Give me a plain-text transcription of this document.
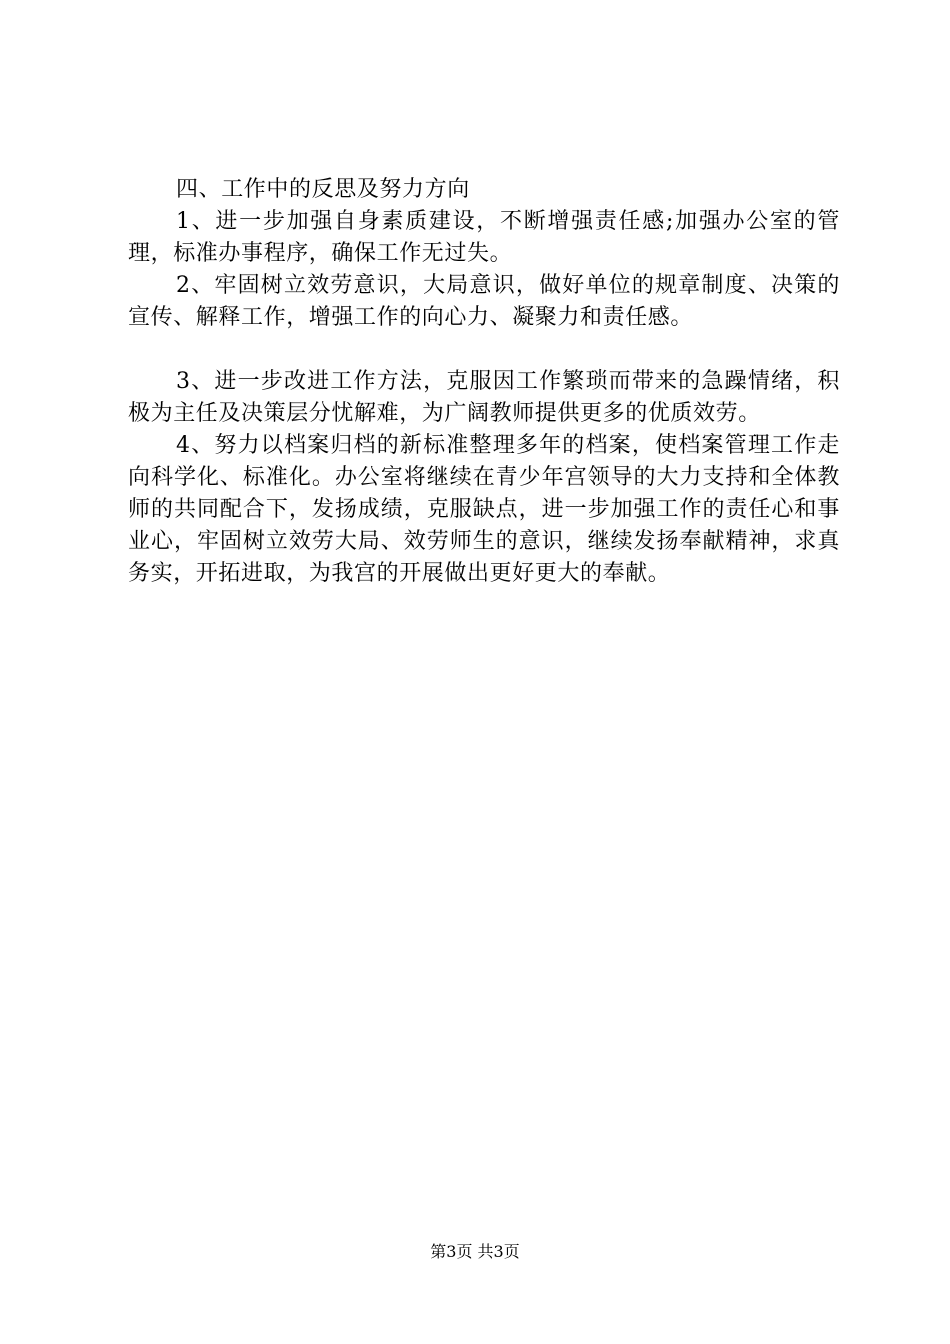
四、工作中的反思及努力方向

1、进一步加强自身素质建设，不断增强责任感;加强办公室的管理，标准办事程序，确保工作无过失。

2、牢固树立效劳意识，大局意识，做好单位的规章制度、决策的宣传、解释工作，增强工作的向心力、凝聚力和责任感。

3、进一步改进工作方法，克服因工作繁琐而带来的急躁情绪，积极为主任及决策层分忧解难，为广阔教师提供更多的优质效劳。

4、努力以档案归档的新标准整理多年的档案，使档案管理工作走向科学化、标准化。办公室将继续在青少年宫领导的大力支持和全体教师的共同配合下，发扬成绩，克服缺点，进一步加强工作的责任心和事业心，牢固树立效劳大局、效劳师生的意识，继续发扬奉献精神，求真务实，开拓进取，为我宫的开展做出更好更大的奉献。

第3页 共3页
